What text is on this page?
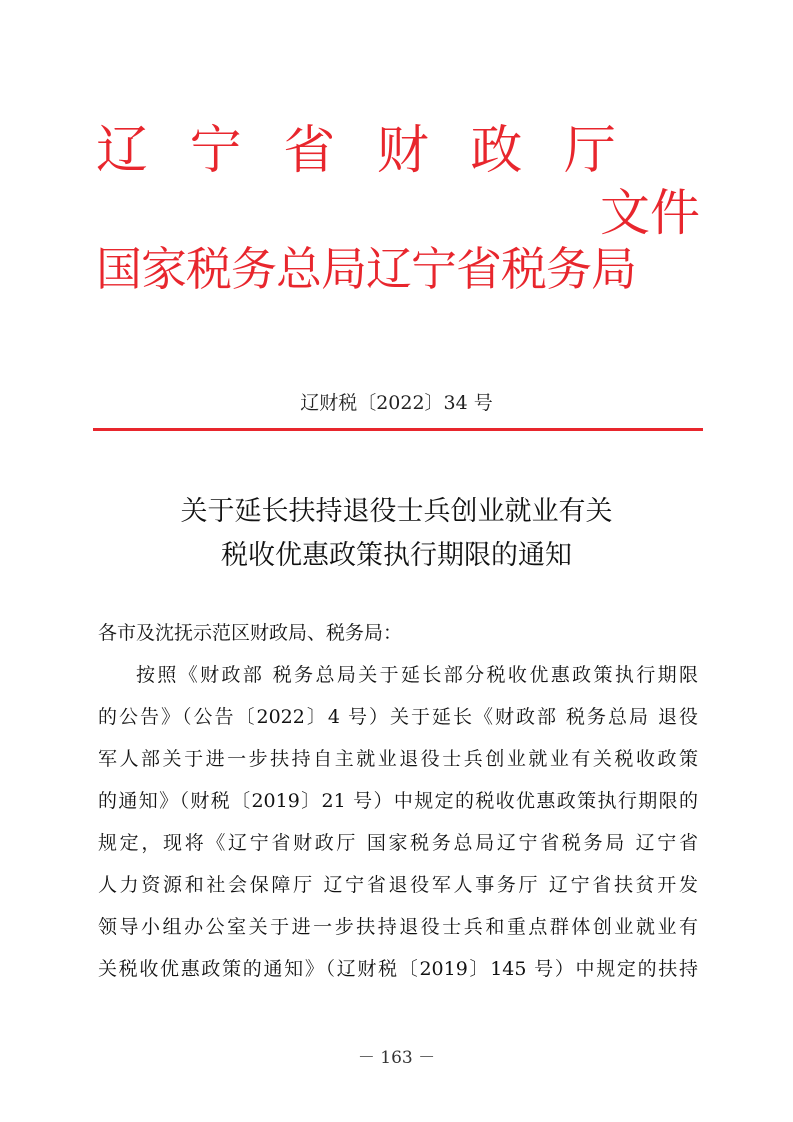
辽 宁 省 财 政 厅
文件
国家税务总局辽宁省税务局
辽财税〔2022〕34 号
关于延长扶持退役士兵创业就业有关
税收优惠政策执行期限的通知
各市及沈抚示范区财政局、税务局：
按照《财政部 税务总局关于延长部分税收优惠政策执行期限
的公告》（公告〔2022〕4 号）关于延长《财政部 税务总局 退役
军人部关于进一步扶持自主就业退役士兵创业就业有关税收政策
的通知》（财税〔2019〕21 号）中规定的税收优惠政策执行期限的
规定，现将《辽宁省财政厅 国家税务总局辽宁省税务局 辽宁省
人力资源和社会保障厅 辽宁省退役军人事务厅 辽宁省扶贫开发
领导小组办公室关于进一步扶持退役士兵和重点群体创业就业有
关税收优惠政策的通知》（辽财税〔2019〕145 号）中规定的扶持
－ 163 －
